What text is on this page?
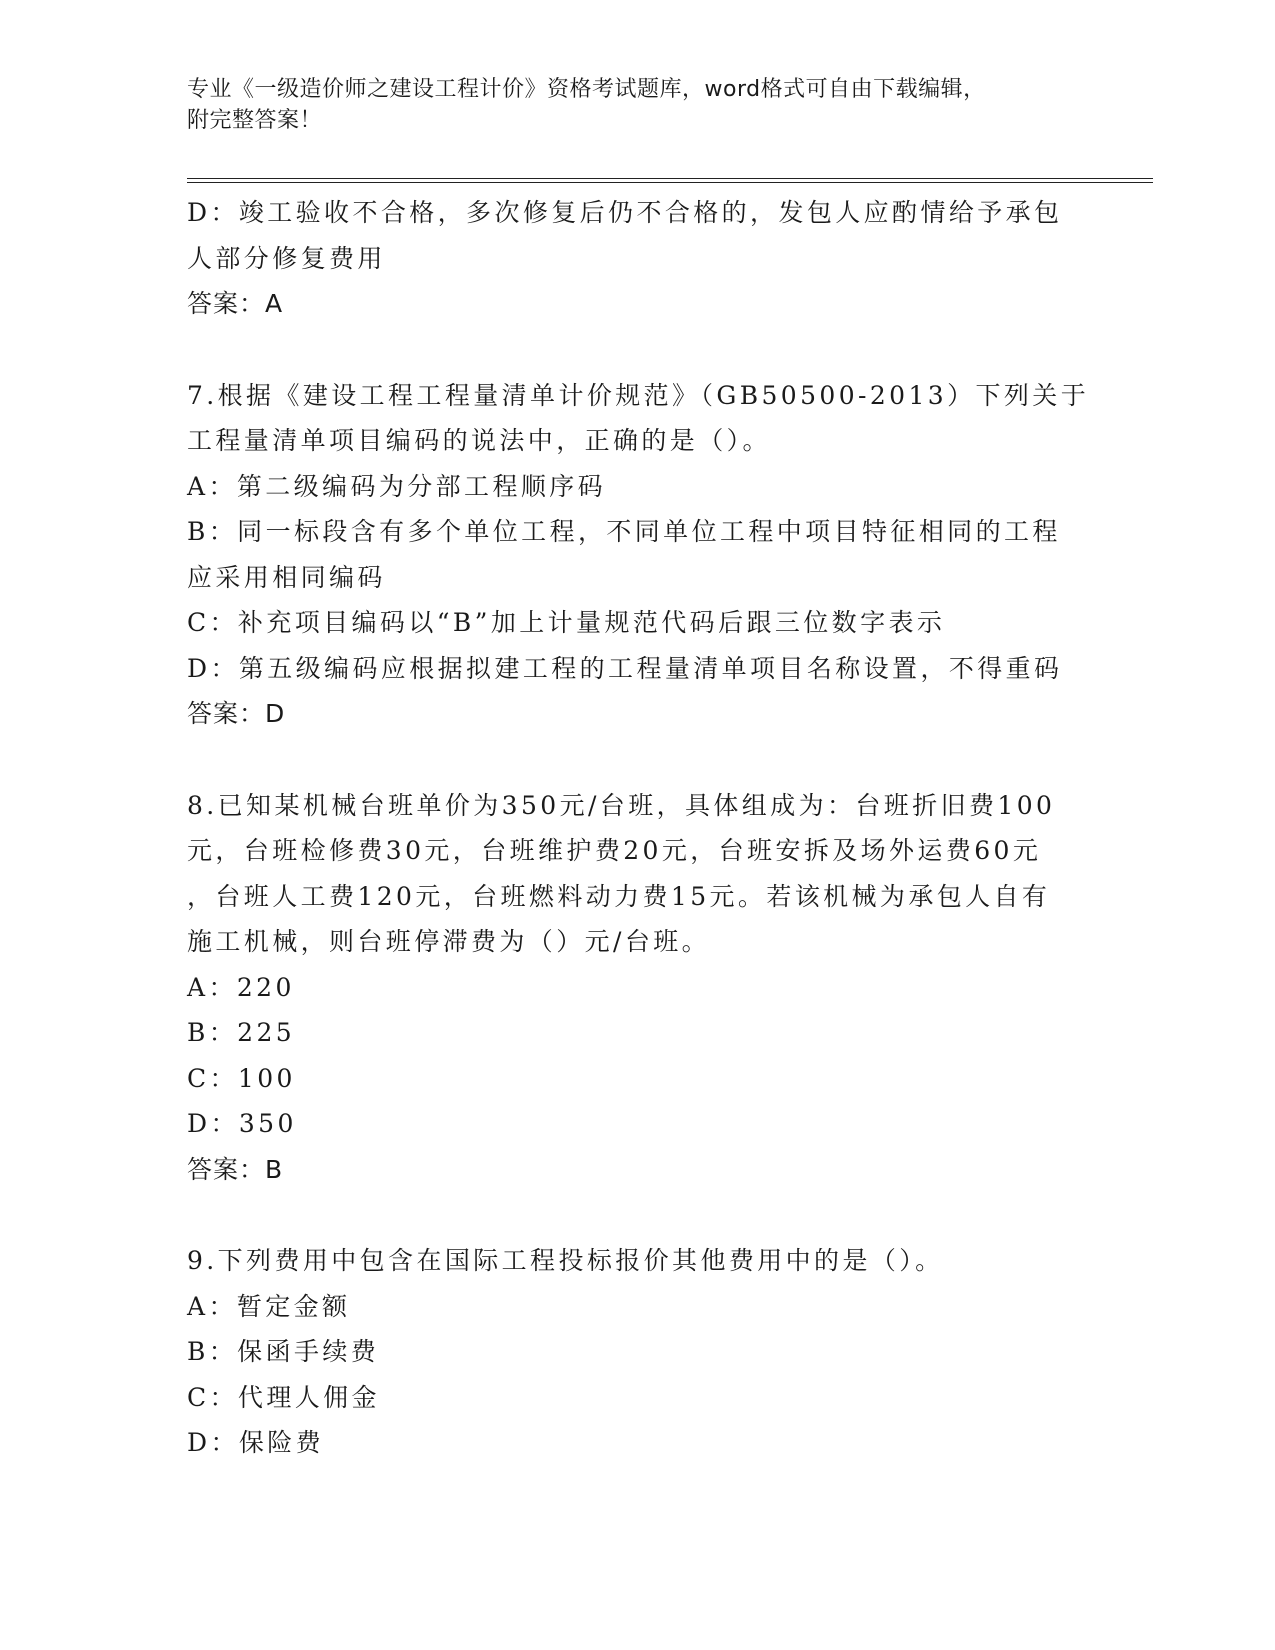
专业《一级造价师之建设工程计价》资格考试题库，word格式可自由下载编辑，
附完整答案！
D：竣工验收不合格，多次修复后仍不合格的，发包人应酌情给予承包
人部分修复费用
答案：A
7.根据《建设工程工程量清单计价规范》（GB50500-2013）下列关于
工程量清单项目编码的说法中，正确的是（）。
A：第二级编码为分部工程顺序码
B：同一标段含有多个单位工程，不同单位工程中项目特征相同的工程
应采用相同编码
C：补充项目编码以“B”加上计量规范代码后跟三位数字表示
D：第五级编码应根据拟建工程的工程量清单项目名称设置，不得重码
答案：D
8.已知某机械台班单价为350元/台班，具体组成为：台班折旧费100
元，台班检修费30元，台班维护费20元，台班安拆及场外运费60元
，台班人工费120元，台班燃料动力费15元。若该机械为承包人自有
施工机械，则台班停滞费为（）元/台班。
A：220
B：225
C：100
D：350
答案：B
9.下列费用中包含在国际工程投标报价其他费用中的是（）。
A：暂定金额
B：保函手续费
C：代理人佣金
D：保险费
